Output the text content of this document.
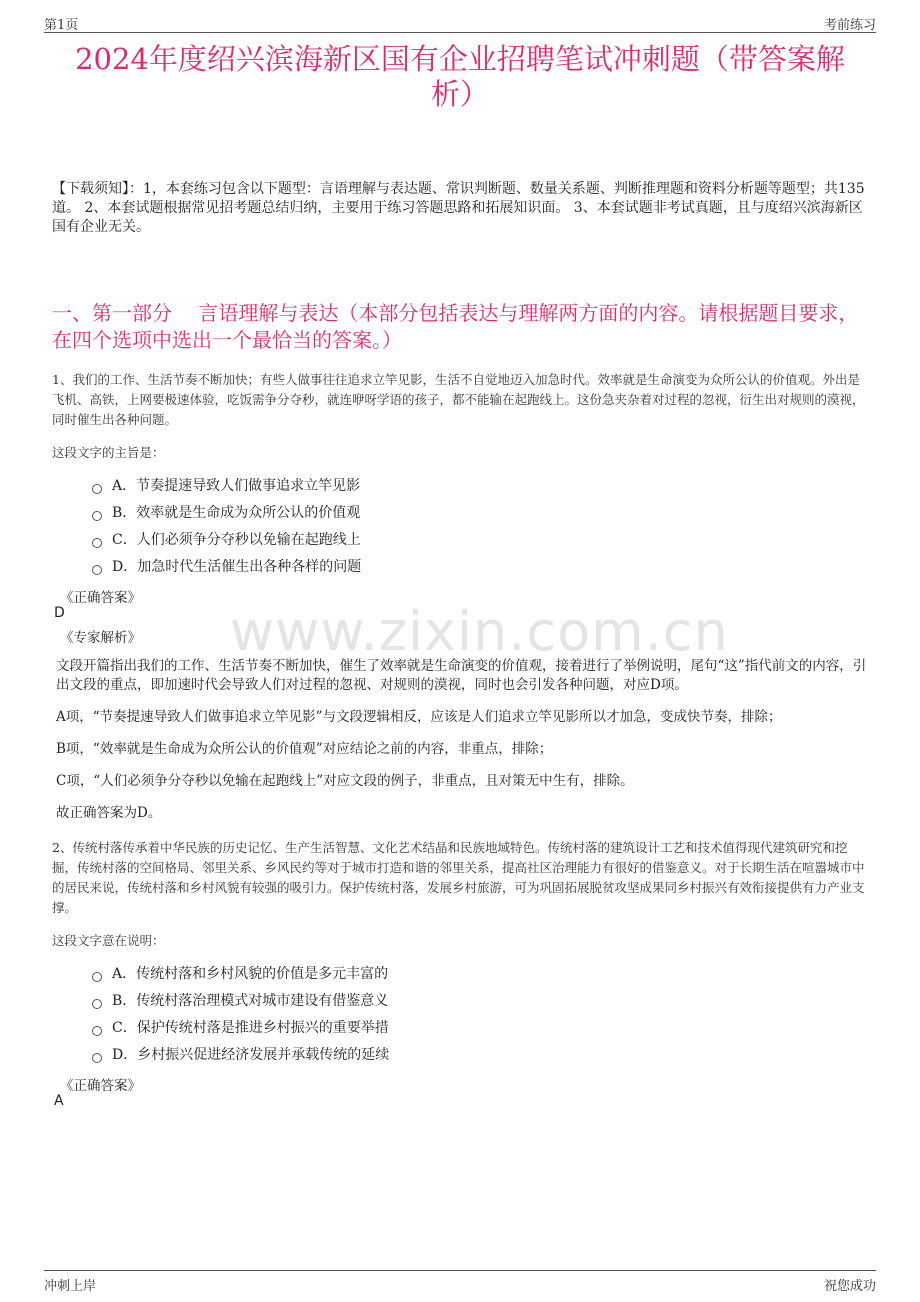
第1页	考前练习
2024年度绍兴滨海新区国有企业招聘笔试冲刺题（带答案解析）
【下载须知】：1，本套练习包含以下题型：言语理解与表达题、常识判断题、数量关系题、判断推理题和资料分析题等题型；共135道。 2、本套试题根据常见招考题总结归纳，主要用于练习答题思路和拓展知识面。 3、本套试题非考试真题，且与度绍兴滨海新区国有企业无关。
一、第一部分　 言语理解与表达（本部分包括表达与理解两方面的内容。请根据题目要求，在四个选项中选出一个最恰当的答案。）
www.zixin.com.cn
1、我们的工作、生活节奏不断加快；有些人做事往往追求立竿见影，生活不自觉地迈入加急时代。效率就是生命演变为众所公认的价值观。外出是飞机、高铁，上网要极速体验，吃饭需争分夺秒，就连咿呀学语的孩子，都不能输在起跑线上。这份急夹杂着对过程的忽视，衍生出对规则的漠视，同时催生出各种问题。
这段文字的主旨是：
A．节奏提速导致人们做事追求立竿见影
B．效率就是生命成为众所公认的价值观
C．人们必须争分夺秒以免输在起跑线上
D．加急时代生活催生出各种各样的问题
《正确答案》
D
《专家解析》
文段开篇指出我们的工作、生活节奏不断加快，催生了效率就是生命演变的价值观，接着进行了举例说明，尾句“这”指代前文的内容，引出文段的重点，即加速时代会导致人们对过程的忽视、对规则的漠视，同时也会引发各种问题，对应D项。
A项，“节奏提速导致人们做事追求立竿见影”与文段逻辑相反，应该是人们追求立竿见影所以才加急，变成快节奏，排除；
B项，“效率就是生命成为众所公认的价值观”对应结论之前的内容，非重点，排除；
C项，“人们必须争分夺秒以免输在起跑线上”对应文段的例子，非重点，且对策无中生有，排除。
故正确答案为D。
2、传统村落传承着中华民族的历史记忆、生产生活智慧、文化艺术结晶和民族地域特色。传统村落的建筑设计工艺和技术值得现代建筑研究和挖掘，传统村落的空间格局、邻里关系、乡风民约等对于城市打造和谐的邻里关系，提高社区治理能力有很好的借鉴意义。对于长期生活在喧嚣城市中的居民来说，传统村落和乡村风貌有较强的吸引力。保护传统村落，发展乡村旅游，可为巩固拓展脱贫攻坚成果同乡村振兴有效衔接提供有力产业支撑。
这段文字意在说明：
A．传统村落和乡村风貌的价值是多元丰富的
B．传统村落治理模式对城市建设有借鉴意义
C．保护传统村落是推进乡村振兴的重要举措
D．乡村振兴促进经济发展并承载传统的延续
《正确答案》
A
冲刺上岸	祝您成功
